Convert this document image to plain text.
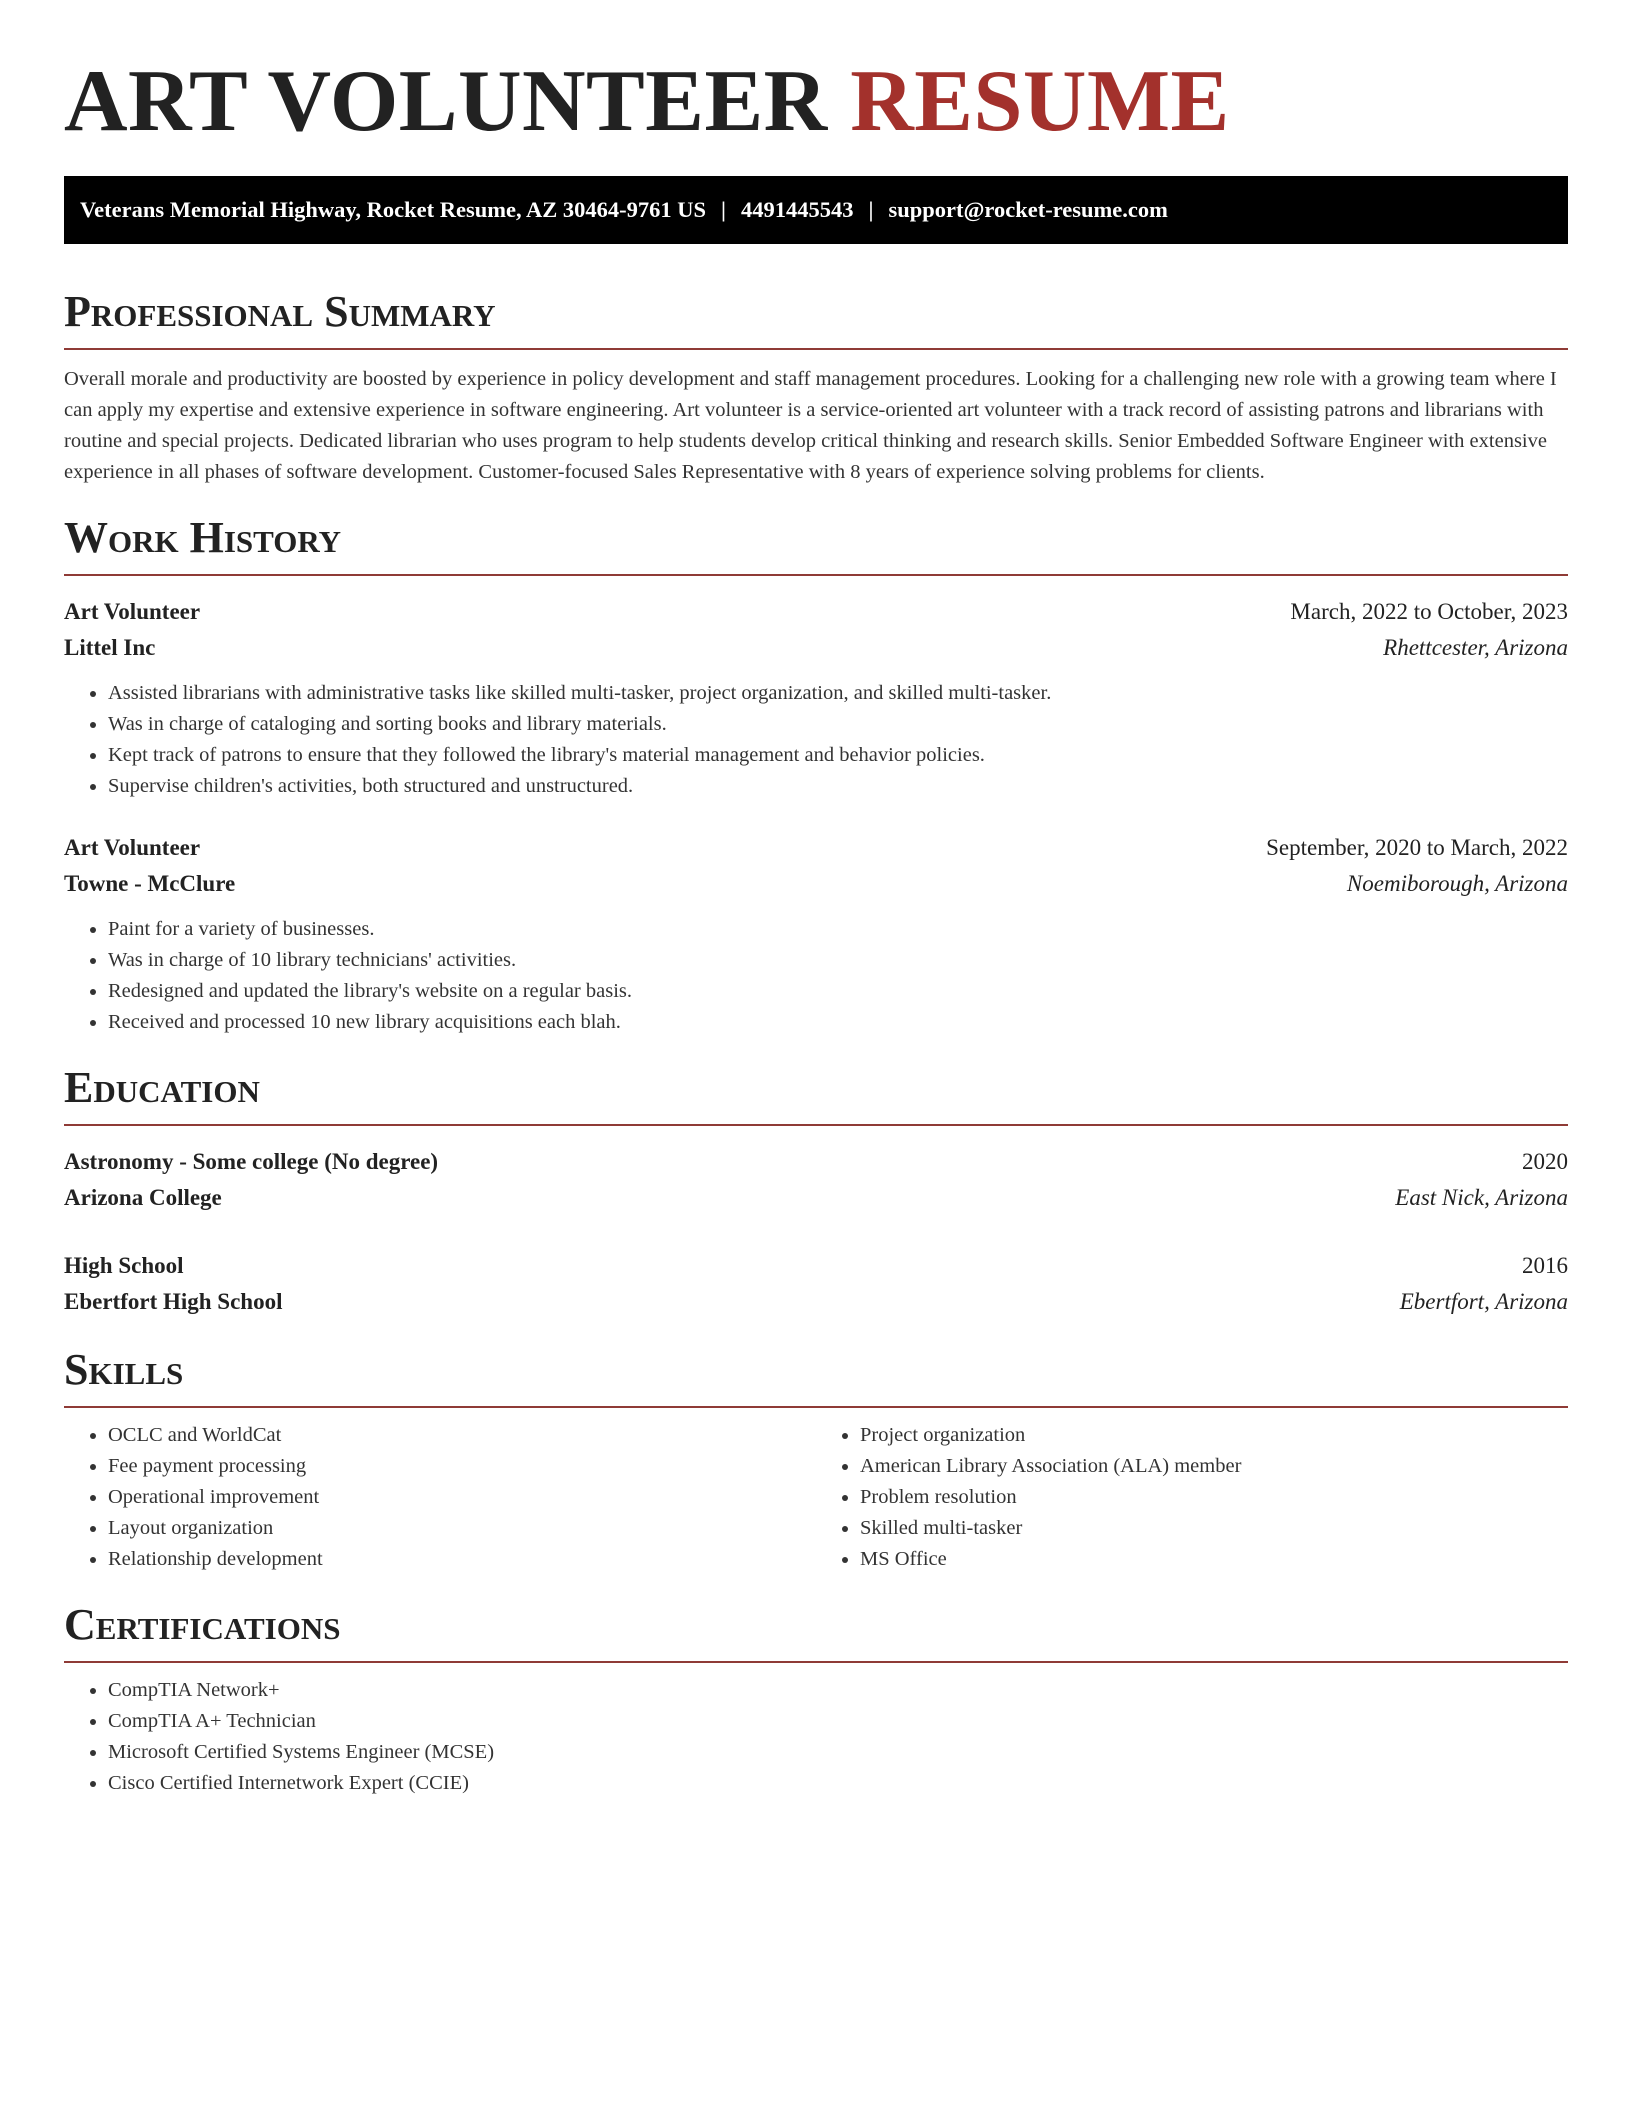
ART VOLUNTEER RESUME
Veterans Memorial Highway, Rocket Resume, AZ 30464-9761 US | 4491445543 | support@rocket-resume.com
Professional Summary

Overall morale and productivity are boosted by experience in policy development and staff management procedures. Looking for a challenging new role with a growing team where I can apply my expertise and extensive experience in software engineering. Art volunteer is a service-oriented art volunteer with a track record of assisting patrons and librarians with routine and special projects. Dedicated librarian who uses program to help students develop critical thinking and research skills. Senior Embedded Software Engineer with extensive experience in all phases of software development. Customer-focused Sales Representative with 8 years of experience solving problems for clients.

Work History
Art Volunteer	March, 2022 to October, 2023
Littel Inc	Rhettcester, Arizona
• Assisted librarians with administrative tasks like skilled multi-tasker, project organization, and skilled multi-tasker.
• Was in charge of cataloging and sorting books and library materials.
• Kept track of patrons to ensure that they followed the library's material management and behavior policies.
• Supervise children's activities, both structured and unstructured.
Art Volunteer	September, 2020 to March, 2022
Towne - McClure	Noemiborough, Arizona
• Paint for a variety of businesses.
• Was in charge of 10 library technicians' activities.
• Redesigned and updated the library's website on a regular basis.
• Received and processed 10 new library acquisitions each blah.
Education
Astronomy - Some college (No degree)	2020
Arizona College	East Nick, Arizona
High School	2016
Ebertfort High School	Ebertfort, Arizona
Skills
• OCLC and WorldCat
• Fee payment processing
• Operational improvement
• Layout organization
• Relationship development
• Project organization
• American Library Association (ALA) member
• Problem resolution
• Skilled multi-tasker
• MS Office
Certifications
• CompTIA Network+
• CompTIA A+ Technician
• Microsoft Certified Systems Engineer (MCSE)
• Cisco Certified Internetwork Expert (CCIE)
